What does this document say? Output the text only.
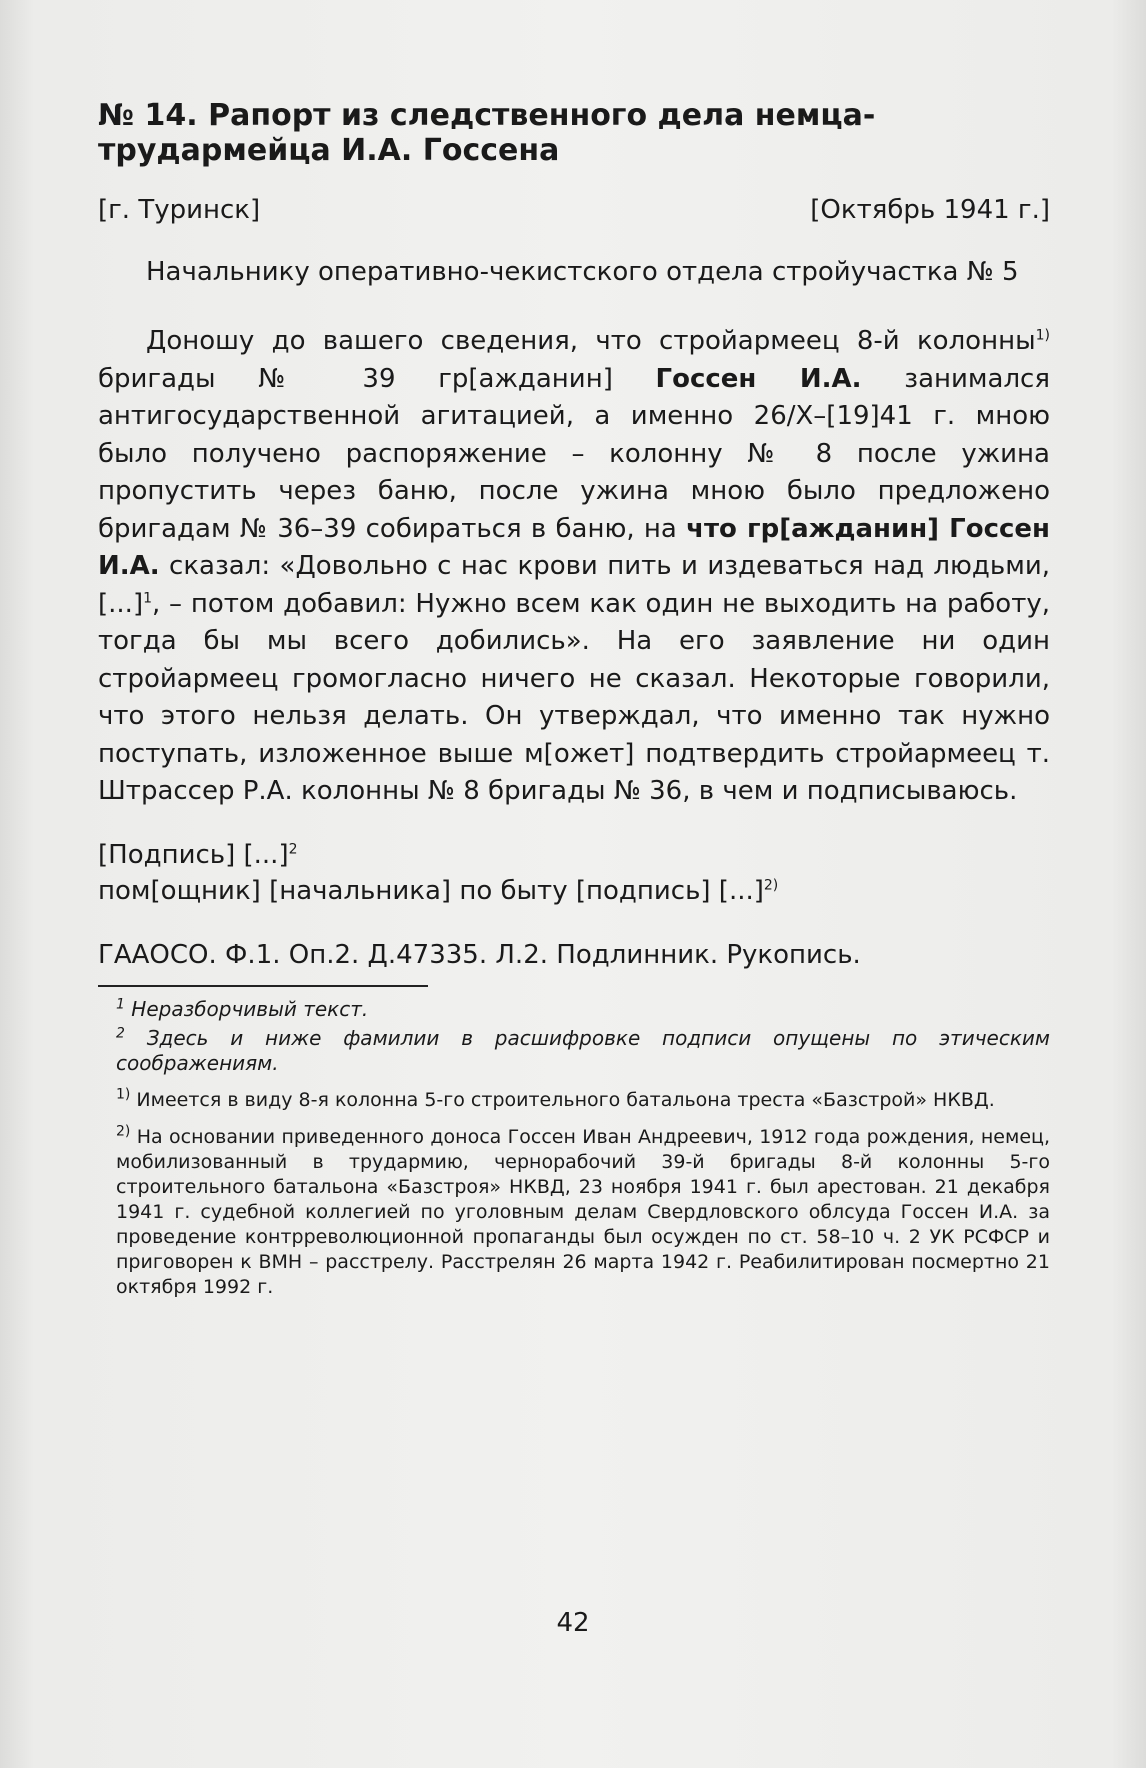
№ 14. Рапорт из следственного дела немца-трудармейца И.А. Госсена
[г. Туринск]	[Октябрь 1941 г.]
Начальнику оперативно-чекистского отдела стройучастка № 5

Доношу до вашего сведения, что стройармеец 8-й колонны$^{1)}$ бригады № 39 гр[ажданин] Госсен И.А. занимался антигосударственной агитацией, а именно 26/X–[19]41 г. мною было получено распоряжение – колонну № 8 после ужина пропустить через баню, после ужина мною было предложено бригадам № 36–39 собираться в баню, на что гр[ажданин] Госсен И.А. сказал: «Довольно с нас крови пить и издеваться над людьми, [...]$^1$, – потом добавил: Нужно всем как один не выходить на работу, тогда бы мы всего добились». На его заявление ни один стройармеец громогласно ничего не сказал. Некоторые говорили, что этого нельзя делать. Он утверждал, что именно так нужно поступать, изложенное выше м[ожет] подтвердить стройармеец т. Штрассер Р.А. колонны № 8 бригады № 36, в чем и подписываюсь.

[Подпись] [...]$^2$
пом[ощник] [начальника] по быту [подпись] [...]$^{2)}$
ГААОСО. Ф.1. Оп.2. Д.47335. Л.2. Подлинник. Рукопись.
$^1$ Неразборчивый текст.
$^2$ Здесь и ниже фамилии в расшифровке подписи опущены по этическим соображениям.
$^{1)}$ Имеется в виду 8-я колонна 5-го строительного батальона треста «Базстрой» НКВД.
$^{2)}$ На основании приведенного доноса Госсен Иван Андреевич, 1912 года рождения, немец, мобилизованный в трудармию, чернорабочий 39-й бригады 8-й колонны 5-го строительного батальона «Базстроя» НКВД, 23 ноября 1941 г. был арестован. 21 декабря 1941 г. судебной коллегией по уголовным делам Свердловского облсуда Госсен И.А. за проведение контрреволюционной пропаганды был осужден по ст. 58–10 ч. 2 УК РСФСР и приговорен к ВМН – расстрелу. Расстрелян 26 марта 1942 г. Реабилитирован посмертно 21 октября 1992 г.
42
